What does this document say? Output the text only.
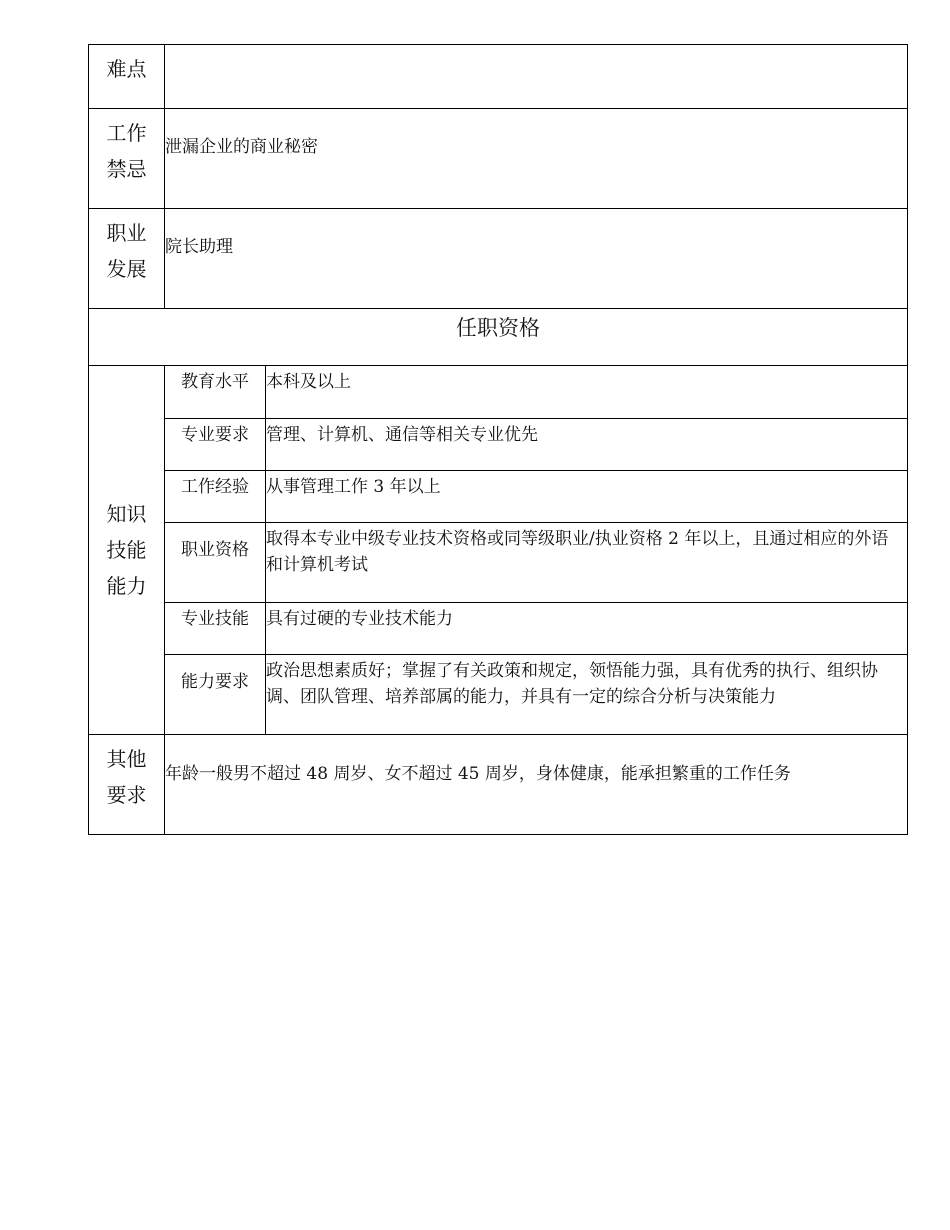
难点		

工作
禁忌	泄漏企业的商业秘密	

职业
发展	院长助理	
任职资格		

知识
技能
能力	教育水平	本科及以上
	专业要求	管理、计算机、通信等相关专业优先
	工作经验	从事管理工作 3 年以上
	职业资格	取得本专业中级专业技术资格或同等级职业/执业资格 2 年以上，且通过相应的外语和计算机考试
	专业技能	具有过硬的专业技术能力
	能力要求	政治思想素质好；掌握了有关政策和规定，领悟能力强，具有优秀的执行、组织协调、团队管理、培养部属的能力，并具有一定的综合分析与决策能力

其他
要求	年龄一般男不超过 48 周岁、女不超过 45 周岁，身体健康，能承担繁重的工作任务	
